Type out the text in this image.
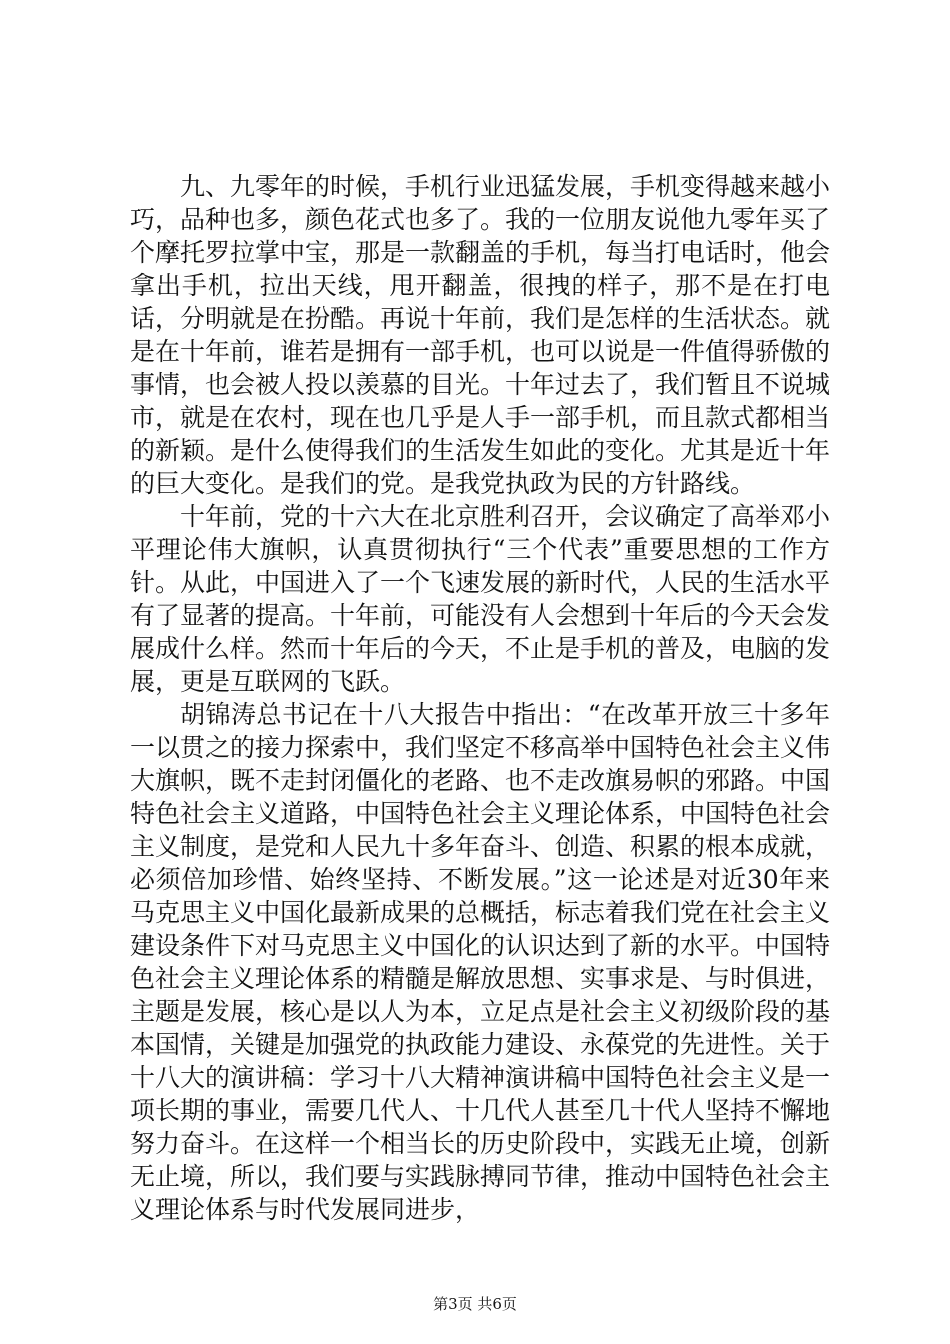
九、九零年的时候，手机行业迅猛发展，手机变得越来越小巧，品种也多，颜色花式也多了。我的一位朋友说他九零年买了个摩托罗拉掌中宝，那是一款翻盖的手机，每当打电话时，他会拿出手机，拉出天线，甩开翻盖，很拽的样子，那不是在打电话，分明就是在扮酷。再说十年前，我们是怎样的生活状态。就是在十年前，谁若是拥有一部手机，也可以说是一件值得骄傲的事情，也会被人投以羡慕的目光。十年过去了，我们暂且不说城市，就是在农村，现在也几乎是人手一部手机，而且款式都相当的新颖。是什么使得我们的生活发生如此的变化。尤其是近十年的巨大变化。是我们的党。是我党执政为民的方针路线。

十年前，党的十六大在北京胜利召开，会议确定了高举邓小平理论伟大旗帜，认真贯彻执行“三个代表”重要思想的工作方针。从此，中国进入了一个飞速发展的新时代，人民的生活水平有了显著的提高。十年前，可能没有人会想到十年后的今天会发展成什么样。然而十年后的今天，不止是手机的普及，电脑的发展，更是互联网的飞跃。

胡锦涛总书记在十八大报告中指出：“在改革开放三十多年一以贯之的接力探索中，我们坚定不移高举中国特色社会主义伟大旗帜，既不走封闭僵化的老路、也不走改旗易帜的邪路。中国特色社会主义道路，中国特色社会主义理论体系，中国特色社会主义制度，是党和人民九十多年奋斗、创造、积累的根本成就，必须倍加珍惜、始终坚持、不断发展。”这一论述是对近30年来马克思主义中国化最新成果的总概括，标志着我们党在社会主义建设条件下对马克思主义中国化的认识达到了新的水平。中国特色社会主义理论体系的精髓是解放思想、实事求是、与时俱进，主题是发展，核心是以人为本，立足点是社会主义初级阶段的基本国情，关键是加强党的执政能力建设、永葆党的先进性。关于十八大的演讲稿：学习十八大精神演讲稿中国特色社会主义是一项长期的事业，需要几代人、十几代人甚至几十代人坚持不懈地努力奋斗。在这样一个相当长的历史阶段中，实践无止境，创新无止境，所以，我们要与实践脉搏同节律，推动中国特色社会主义理论体系与时代发展同进步，

第3页 共6页
